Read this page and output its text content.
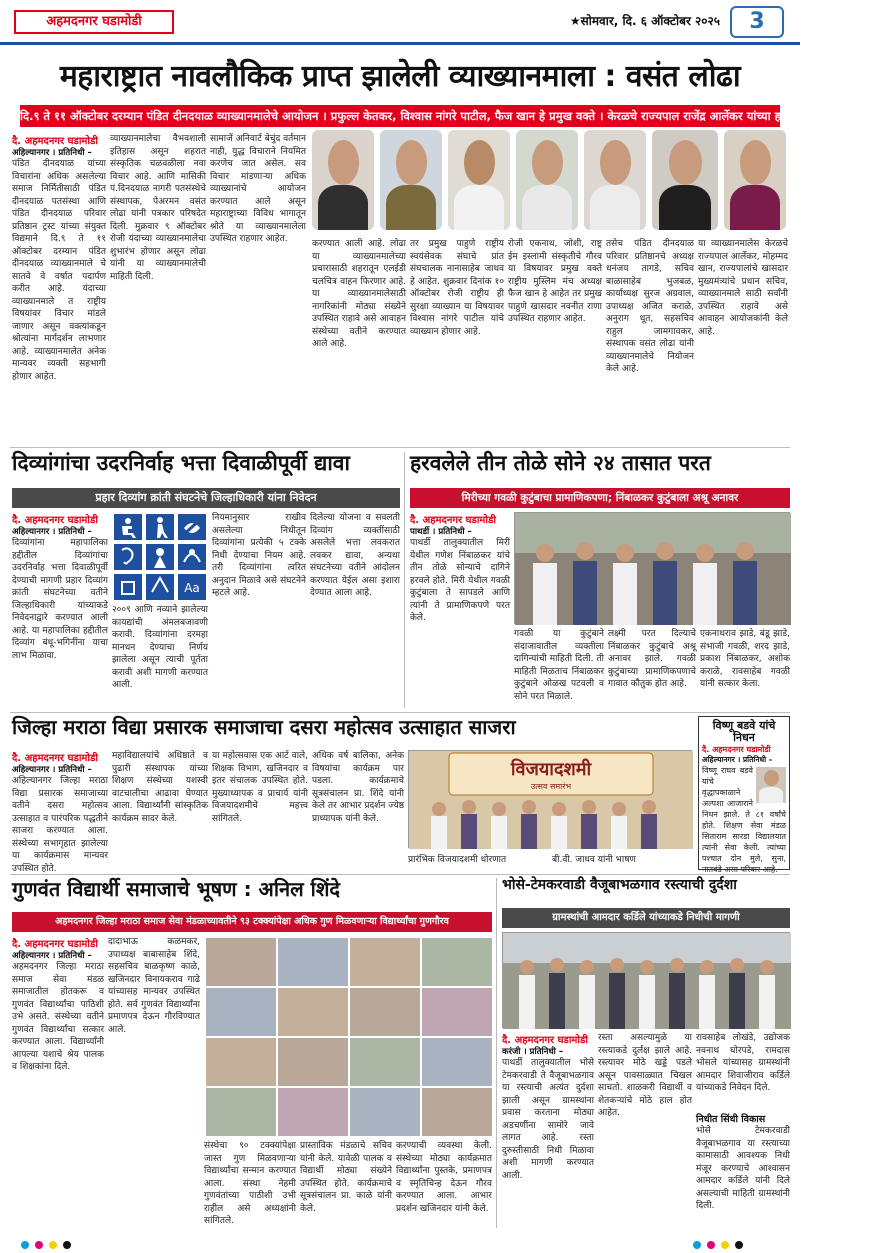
अहमदनगर घडामोडी	★सोमवार, दि. ६ ऑक्टोबर २०२५	3
महाराष्ट्रात नावलौकिक प्राप्त झालेली व्याख्यानमाला : वसंत लोढा
दि.९ ते ११ ऑक्टोबर दरम्यान पंडित दीनदयाळ व्याख्यानमालेचे आयोजन । प्रफुल्ल केतकर, विश्वास नांगरे पाटील, फैज खान हे प्रमुख वक्ते । केरळचे राज्यपाल राजेंद्र आर्लेकर यांच्या हस्ते व्याख्यानमालेचे उद्घाटन
दै. अहमदनगर घडामोडी
अहिल्यानगर । प्रतिनिधी –
पंडित दीनदयाळ यांच्या विचारांना अधिक असलेल्या समाज निर्मितीसाठी पंडित दीनदयाळ पतसंस्था आणि पंडित दीनदयाळ परिवार प्रतिष्ठान ट्रस्ट यांच्या संयुक्त विद्यमाने दि.९ ते ११ ऑक्टोबर दरम्यान पंडित दीनदयाळ व्याख्यानमाले चे सातवे वे वर्षात पदार्पण करीत आहे. यंदाच्या व्याख्यानमाले त राष्ट्रीय विषयांवर विचार मांडले जाणार असून वक्त्यांकडून श्रोत्यांना मार्गदर्शन लाभणार आहे. व्याख्यानमालेत अनेक मान्यवर व्यक्ती सहभागी होणार आहेत.
व्याख्यानमालेचा वैभवशाली इतिहास असून शहरात संस्कृतिक चळवळीला नवा विचार आहे. आणि मासिकी पं.दिनदयाळ नागरी पतसंस्थेचे संस्थापक, पेअरमन वसंत लोढा यांनी पत्रकार परिषदेत दिली. मुक्रवार ९ ऑक्टोबर रोजी यंदाच्या व्याख्यानमालेचा शुभारंभ होणार असून लोढा यांनी या व्याख्यानमालेची माहिती दिली.
सामाजें अनिवार्ट बेचुंद वर्तमान नाही, युद्ध विचाराने नियमित करणेच जात असेल. सव विचार मांडणाऱ्या अधिक व्याख्यानांचे आयोजन करण्यात आले असून महाराष्ट्राच्या विविध भागातून श्रोते या व्याख्यानमालेला उपस्थित राहणार आहेत.	करण्यात आली आहे. लोढा या व्याख्यानमालेच्या प्रचारासाठी शहरातून एलईडी चलचित्र वाहन फिरणार आहे. या व्याख्यानमालेसाठी नागरिकांनी मोठ्या संख्येने उपस्थित राहावे असे आवाहन संस्थेच्या वतीने करण्यात आले आहे.
तर प्रमुख पाहुणे राष्ट्रीय स्वयंसेवक संघाचे प्रांत संघचालक नानासाहेब जाधव हे आहेत. शुक्रवार दिनांक १० ऑक्टोबर रोजी राष्ट्रीय ही सुरक्षा व्याख्यान या विषयावर विश्वास नांगरे पाटील यांचे व्याख्यान होणार आहे.
रोजी एकनाथ, जोशी, राष्ट्र ईम इस्लामी संस्कृतीचे गौरव या विषयावर प्रमुख वक्ते राष्ट्रीय मुस्लिम मंच अध्यक्ष फैज खान हे आहेत तर प्रमुख पाहुणे खासदार नवनीत राणा उपस्थित राहणार आहेत.
तसेच पंडित दीनदयाळ परिवार प्रतिष्ठानचे अध्यक्ष धनंजय तागडे, सचिव बाळासाहेब भुजबळ, कार्याध्यक्ष सुरज अग्रवाल, उपाध्यक्ष अजित कराळे, अनुराग धूत, सहसचिव राहुल जामगावकर, संस्थापक वसंत लोढा यांनी व्याख्यानमालेचे नियोजन केले आहे.
या व्याख्यानमालेस केरळचे राज्यपाल आर्लेकर, मोहम्मद खान, राज्यपालांचे खासदार मुख्यमंत्र्यांचे प्रधान सचिव, व्याख्यानमाले साठी सर्वांनी उपस्थित राहावे असे आवाहन आयोजकांनी केले आहे.
दिव्यांगांचा उदरनिर्वाह भत्ता दिवाळीपूर्वी द्यावा
प्रहार दिव्यांग क्रांती संघटनेचे जिल्हाधिकारी यांना निवेदन
दै. अहमदनगर घडामोडी
अहिल्यानगर । प्रतिनिधी –
दिव्यांगांना महापालिका हद्दीतील दिव्यांगांचा उदरनिर्वाह भत्ता दिवाळीपूर्वी देण्याची मागणी प्रहार दिव्यांग क्रांती संघटनेच्या वतीने जिल्हाधिकारी यांच्याकडे निवेदनाद्वारे करण्यात आली आहे. या महापालिका हद्दीतील दिव्यांग बंधू-भगिनींना याचा लाभ मिळावा.
Aa
२००९ आणि नव्याने झालेल्या कायद्यांची अंमलबजावणी करावी. दिव्यांगांना दरमहा मानधन देण्याचा निर्णय झालेला असून त्याची पूर्तता करावी अशी मागणी करण्यात आली.
नियमानुसार राखीव असलेल्या निधीतून दिव्यांगांना प्रत्येकी ५ टक्के निधी देण्याचा नियम आहे. तरी दिव्यांगांना त्वरित अनुदान मिळावे असे संघटनेने म्हटले आहे.
दिलेल्या योजना व सवलती दिव्यांग व्यक्तींसाठी असलेले भत्ता लवकरात लवकर द्यावा, अन्यथा संघटनेच्या वतीने आंदोलन करण्यात येईल असा इशारा देण्यात आला आहे.
हरवलेले तीन तोळे सोने २४ तासात परत
मिरीच्या गवळी कुटुंबाचा प्रामाणिकपणा; निंबाळकर कुटुंबाला अश्रू अनावर
दै. अहमदनगर घडामोडी
पाथर्डी । प्रतिनिधी –
पाथर्डी तालुक्यातील मिरी येथील गणेश निंबाळकर यांचे तीन तोळे सोन्याचे दागिने हरवले होते. मिरी येथील गवळी कुटुंबाला ते सापडले आणि त्यांनी ते प्रामाणिकपणे परत केले.
गवळी या कुटुंबाने संदाजावातील व्यक्तीला दागिन्यांची माहिती दिली. ती माहिती मिळताच निंबाळकर कुटुंबाने ओळख पटवली व सोने परत मिळाले.
लक्ष्मी परत दिल्याचे निंबाळकर कुटुंबाचे अश्रू अनावर झाले. गवळी कुटुंबाच्या प्रामाणिकपणाचे गावात कौतुक होत आहे.
एकनाथराव झाडे, बंडू झाडे, संभाजी गवळी, शरद झाडे, प्रकाश निंबाळकर, अशोक कराळे, रावसाहेब गवळी यांनी सत्कार केला.
जिल्हा मराठा विद्या प्रसारक समाजाचा दसरा महोत्सव उत्साहात साजरा
दै. अहमदनगर घडामोडी
अहिल्यानगर । प्रतिनिधी –
अहिल्यानगर जिल्हा मराठा विद्या प्रसारक समाजाच्या वतीने दसरा महोत्सव उत्साहात व पारंपरिक पद्धतीने साजरा करण्यात आला. संस्थेच्या सभागृहात झालेल्या या कार्यक्रमास मान्यवर उपस्थित होते.
महाविद्यालयांचे अधिष्ठाते व पुढारी संस्थापक यांच्या शिक्षण संस्थेच्या यशस्वी वाटचालीचा आढावा घेण्यात आला. विद्यार्थ्यांनी सांस्कृतिक कार्यक्रम सादर केले.
या महोत्सवास एक आर्ट वाले, शिक्षक विभाग, खजिनदार व इतर संचालक उपस्थित होते. मुख्याध्यापक व प्राचार्य यांनी विजयादशमीचे महत्त्व सांगितले.
अधिक वर्ष बालिका, अनेक विषयांचा कार्यक्रम पार पडला. कार्यक्रमाचे सूत्रसंचालन प्रा. शिंदे यांनी केले तर आभार प्रदर्शन ज्येष्ठ प्राध्यापक यांनी केले.
विजयादशमी
उत्सव समारंभ
प्रारंभिक विजयादशमी धोरणात	बी.वी. जाधव यांनी भाषण
विष्णू बडवे यांचे निधन
दै. अहमदनगर घडामोडी
अहिल्यानगर । प्रतिनिधी –
विष्णू राघव बडवे यांचे वृद्धापकाळाने अल्पशा आजाराने निधन झाले. ते ८१ वर्षांचे होते. शिक्षण सेवा मंडळ सिताराम सारडा विद्यालयात त्यांनी सेवा केली. त्यांच्या पश्चात दोन मुले, सुना, नातवंडे असा परिवार आहे.
गुणवंत विद्यार्थी समाजाचे भूषण : अनिल शिंदे
अहमदनगर जिल्हा मराठा समाज सेवा मंडळाच्यावतीने ९३ टक्क्यांपेक्षा अधिक गुण मिळवणाऱ्या विद्यार्थ्यांचा गुणगौरव
दै. अहमदनगर घडामोडी
अहिल्यानगर । प्रतिनिधी –
अहमदनगर जिल्हा मराठा समाज सेवा मंडळ समाजातील होतकरू व गुणवंत विद्यार्थ्यांचा पाठिशी उभे असते. संस्थेच्या वतीने गुणवंत विद्यार्थ्यांचा सत्कार करण्यात आला. विद्यार्थ्यांनी आपल्या यशाचे श्रेय पालक व शिक्षकांना दिले.
दादाभाऊ कळमकर, उपाध्यक्ष बाबासाहेब शिंदे, सहसचिव बाळकृष्ण काळे, खजिनदार विनायकराव गाढे यांच्यासह मान्यवर उपस्थित होते. सर्व गुणवंत विद्यार्थ्यांना प्रमाणपत्र देऊन गौरविण्यात आले.
संस्थेचा ९० टक्क्यांपेक्षा जास्त गुण मिळवणाऱ्या विद्यार्थ्यांचा सन्मान करण्यात आला. संस्था नेहमी गुणवंतांच्या पाठीशी उभी राहील असे अध्यक्षांनी सांगितले.
प्रास्ताविक मंडळाचे सचिव यांनी केले. यावेळी पालक व विद्यार्थी मोठ्या संख्येने उपस्थित होते. कार्यक्रमाचे सूत्रसंचालन प्रा. काळे यांनी केले.
करण्याची व्यवस्था केली. संस्थेच्या मोठ्या कार्यक्रमात विद्यार्थ्यांना पुस्तके, प्रमाणपत्र व स्मृतिचिन्ह देऊन गौरव करण्यात आला. आभार प्रदर्शन खजिनदार यांनी केले.
भोसे-टेमकरवाडी वैजूबाभळगाव रस्त्याची दुर्दशा
ग्रामस्थांची आमदार कर्डिले यांच्याकडे निधीची मागणी
दै. अहमदनगर घडामोडी
करंजी । प्रतिनिधी –
पाथर्डी तालुक्यातील भोसे टेमकरवाडी ते वैजूबाभळगाव या रस्त्याची अत्यंत दुर्दशा झाली असून ग्रामस्थांना प्रवास करताना मोठ्या अडचणींना सामोरे जावे लागत आहे. रस्ता दुरुस्तीसाठी निधी मिळावा अशी मागणी करण्यात आली.
रस्ता असल्यामुळे या रस्त्याकडे दुर्लक्ष झाले आहे. रस्त्यावर मोठे खड्डे पडले असून पावसाळ्यात चिखल साचतो. शाळकरी विद्यार्थी व शेतकऱ्यांचे मोठे हाल होत आहेत.
रावसाहेब लोखंडे, उद्योजक नवनाथ घोरपडे, रामदास भोसले यांच्यासह ग्रामस्थांनी आमदार शिवाजीराव कर्डिले यांच्याकडे निवेदन दिले.
निधीत सिंधी विकास
भोसे टेमकरवाडी वैजूबाभळगाव या रस्त्याच्या कामासाठी आवश्यक निधी मंजूर करण्याचे आश्वासन आमदार कर्डिले यांनी दिले असल्याची माहिती ग्रामस्थांनी दिली.
